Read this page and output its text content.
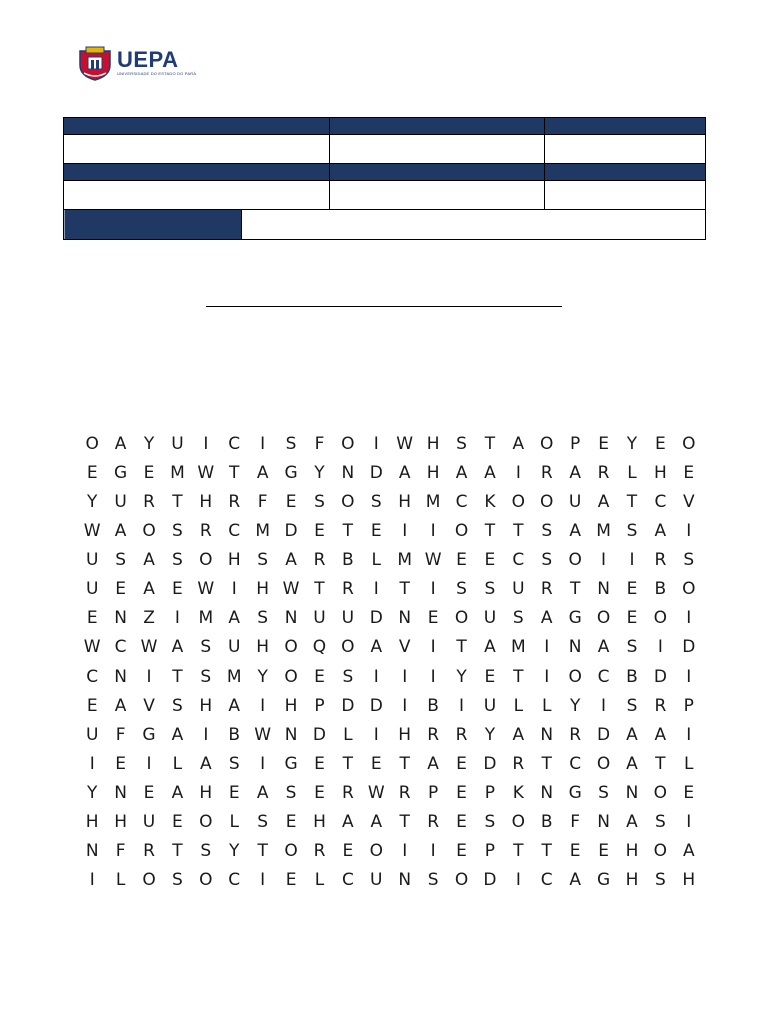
UEPA
UNIVERSIDADE DO ESTADO DO PARÁ

O A	Y U	I	C	I	S	F O	I	W H S	T	A O P	E	Y	E O
E G E M W T	A G Y N D A H A A	I	R A R	L	H E
Y U R	T H R	F	E	S O S H M C K O O U A	T	C V
W A O S	R C M D E	T	E	I	I	O T	T	S	A M S	A	I
U S	A	S O H S	A R B	L M W E	E	C	S O	I	I	R	S
U E	A	E W	I	H W T	R	I	T	I	S	S U R	T N E	B O
E N Z	I	M A	S N U U D N E O U S	A G O E O	I
W C W A	S U H O Q O A V	I	T	A M	I	N A	S	I	D
C N	I	T	S M Y O E	S	I	I	I	Y	E	T	I	O C B D	I
E	A V	S H A	I	H P D D	I	B	I	U	L	L	Y	I	S	R	P
U	F G A	I	B W N D	L	I	H R R	Y	A N R D A A	I
I	E	I	L	A	S	I	G E	T	E	T	A	E D R	T	C O A	T	L
Y N E	A H E	A	S	E	R W R	P	E	P	K N G S N O E
H H U E O L	S	E H A A	T	R	E	S O B	F	N A	S	I
N	F	R	T	S	Y	T O R	E O	I	I	E	P	T	T	E	E H O A
I	L O S O C	I	E	L	C U N S O D	I	C A G H S H
